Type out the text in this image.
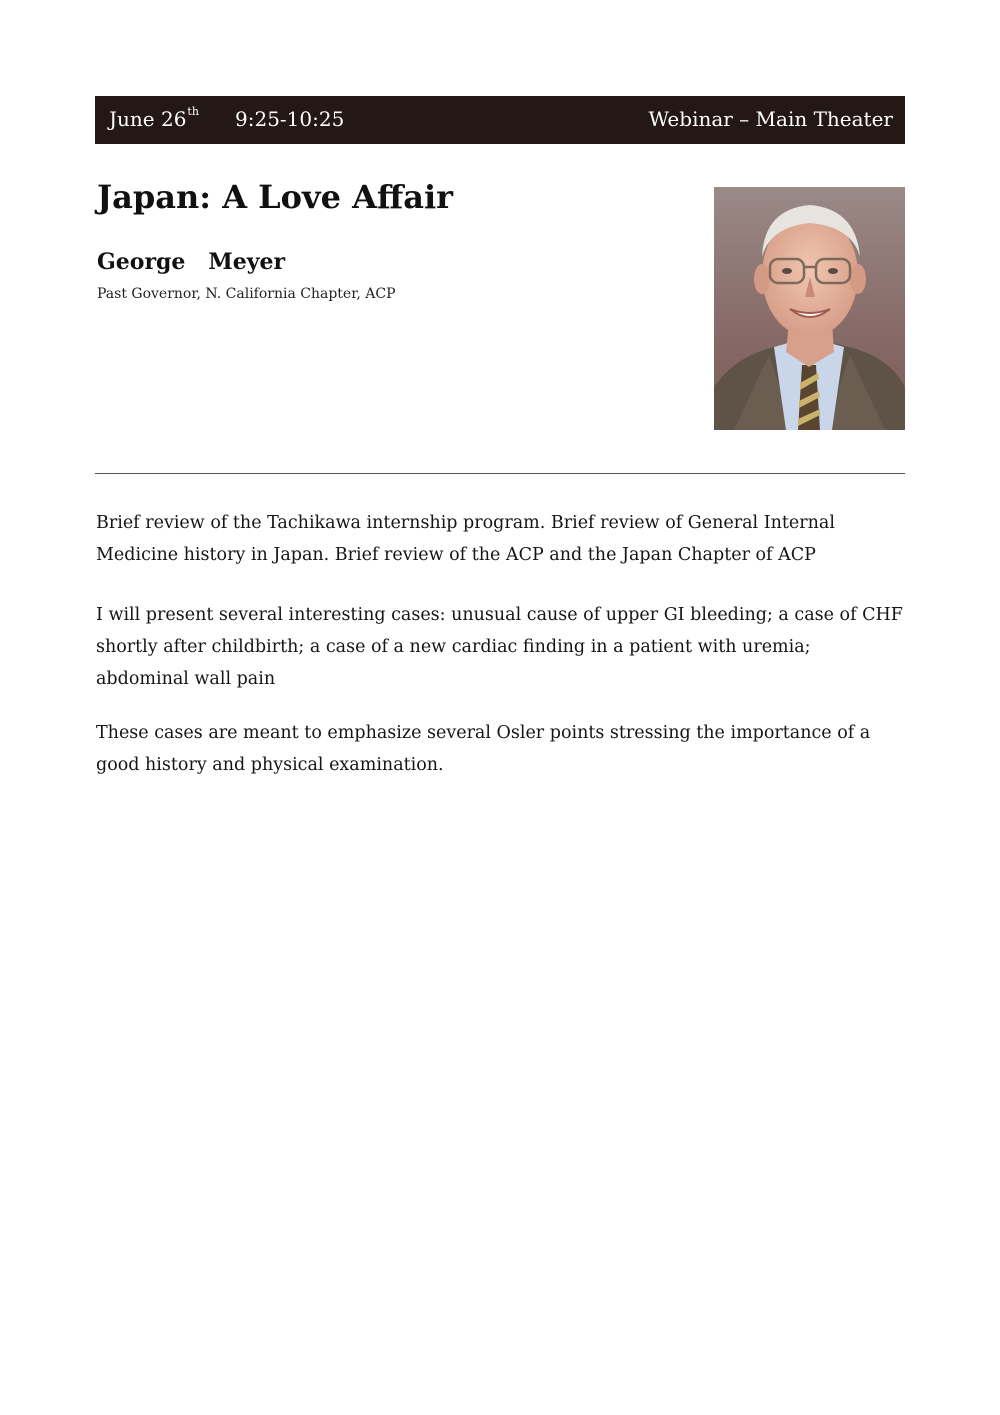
June 26th 9:25-10:25	Webinar – Main Theater
Japan: A Love Affair
George   Meyer
Past Governor, N. California Chapter, ACP

Brief review of the Tachikawa internship program. Brief review of General Internal Medicine history in Japan. Brief review of the ACP and the Japan Chapter of ACP

I will present several interesting cases: unusual cause of upper GI bleeding; a case of CHF shortly after childbirth; a case of a new cardiac finding in a patient with uremia; abdominal wall pain

These cases are meant to emphasize several Osler points stressing the importance of a good history and physical examination.
